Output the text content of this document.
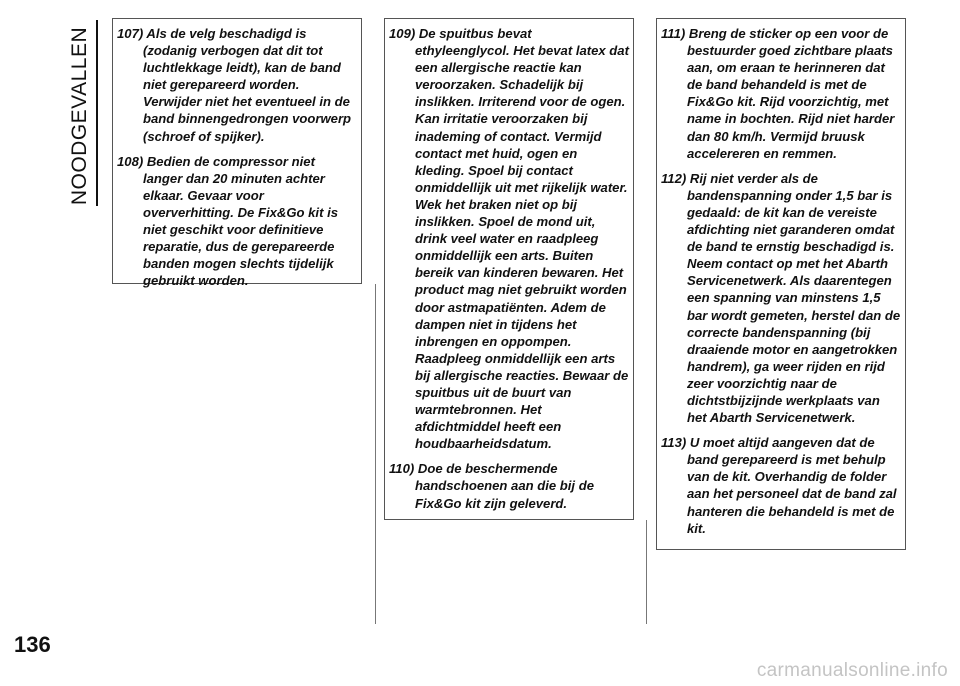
NOODGEVALLEN 107) Als de velg beschadigd is (zodanig verbogen dat dit tot luchtlekkage leidt), kan de band niet gerepareerd worden. Verwijder niet het eventueel in de band binnengedrongen voorwerp (schroef of spijker).

108) Bedien de compressor niet langer dan 20 minuten achter elkaar. Gevaar voor oververhitting. De Fix&Go kit is niet geschikt voor definitieve reparatie, dus de gerepareerde banden mogen slechts tijdelijk gebruikt worden.

109) De spuitbus bevat ethyleenglycol. Het bevat latex dat een allergische reactie kan veroorzaken. Schadelijk bij inslikken. Irriterend voor de ogen. Kan irritatie veroorzaken bij inademing of contact. Vermijd contact met huid, ogen en kleding. Spoel bij contact onmiddellijk uit met rijkelijk water. Wek het braken niet op bij inslikken. Spoel de mond uit, drink veel water en raadpleeg onmiddellijk een arts. Buiten bereik van kinderen bewaren. Het product mag niet gebruikt worden door astmapatiënten. Adem de dampen niet in tijdens het inbrengen en oppompen. Raadpleeg onmiddellijk een arts bij allergische reacties. Bewaar de spuitbus uit de buurt van warmtebronnen. Het afdichtmiddel heeft een houdbaarheidsdatum.

110) Doe de beschermende handschoenen aan die bij de Fix&Go kit zijn geleverd.

111) Breng de sticker op een voor de bestuurder goed zichtbare plaats aan, om eraan te herinneren dat de band behandeld is met de Fix&Go kit. Rijd voorzichtig, met name in bochten. Rijd niet harder dan 80 km/h. Vermijd bruusk accelereren en remmen.

112) Rij niet verder als de bandenspanning onder 1,5 bar is gedaald: de kit kan de vereiste afdichting niet garanderen omdat de band te ernstig beschadigd is. Neem contact op met het Abarth Servicenetwerk. Als daarentegen een spanning van minstens 1,5 bar wordt gemeten, herstel dan de correcte bandenspanning (bij draaiende motor en aangetrokken handrem), ga weer rijden en rijd zeer voorzichtig naar de dichtstbijzijnde werkplaats van het Abarth Servicenetwerk.

113) U moet altijd aangeven dat de band gerepareerd is met behulp van de kit. Overhandig de folder aan het personeel dat de band zal hanteren die behandeld is met de kit.

136
carmanualsonline.info
